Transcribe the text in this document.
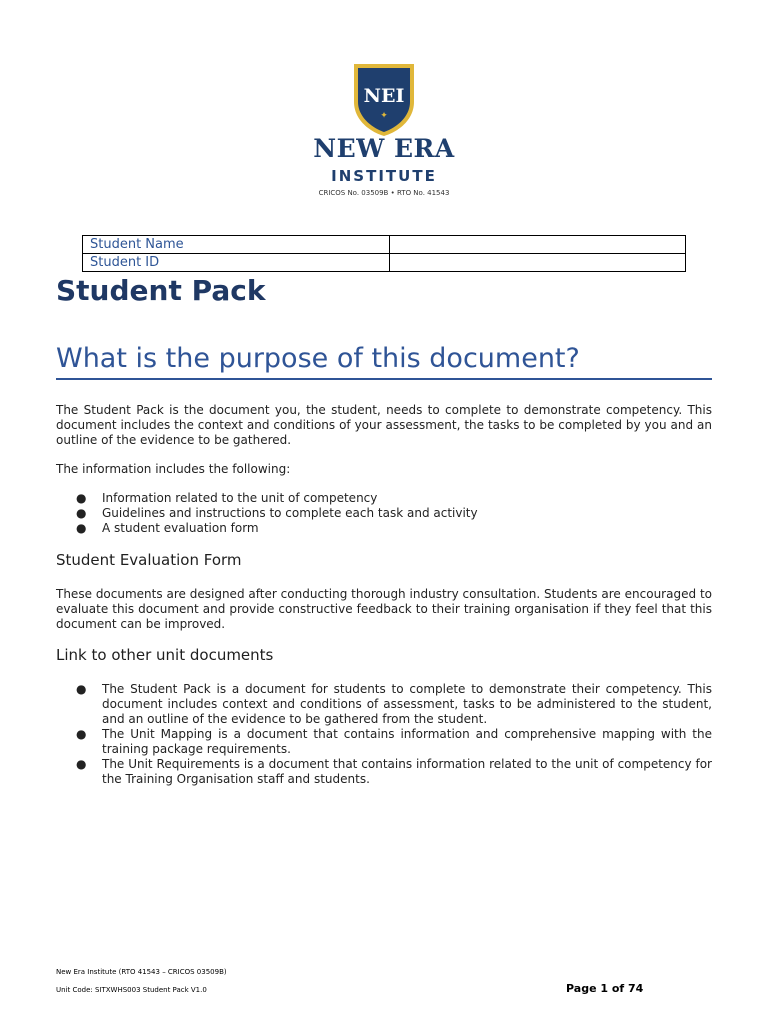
NEI
✦
NEW ERA
INSTITUTE
CRICOS No. 03509B • RTO No. 41543
Student Name	
Student ID	
Student Pack
What is the purpose of this document?
The Student Pack is the document you, the student, needs to complete to demonstrate competency. This document includes the context and conditions of your assessment, the tasks to be completed by you and an outline of the evidence to be gathered.
The information includes the following:
● Information related to the unit of competency
● Guidelines and instructions to complete each task and activity
● A student evaluation form
Student Evaluation Form
These documents are designed after conducting thorough industry consultation. Students are encouraged to evaluate this document and provide constructive feedback to their training organisation if they feel that this document can be improved.
Link to other unit documents
● The Student Pack is a document for students to complete to demonstrate their competency. This document includes context and conditions of assessment, tasks to be administered to the student, and an outline of the evidence to be gathered from the student.
● The Unit Mapping is a document that contains information and comprehensive mapping with the training package requirements.
● The Unit Requirements is a document that contains information related to the unit of competency for the Training Organisation staff and students.
New Era Institute (RTO 41543 – CRICOS 03509B)
Unit Code: SITXWHS003 Student Pack V1.0	Page 1 of 74
